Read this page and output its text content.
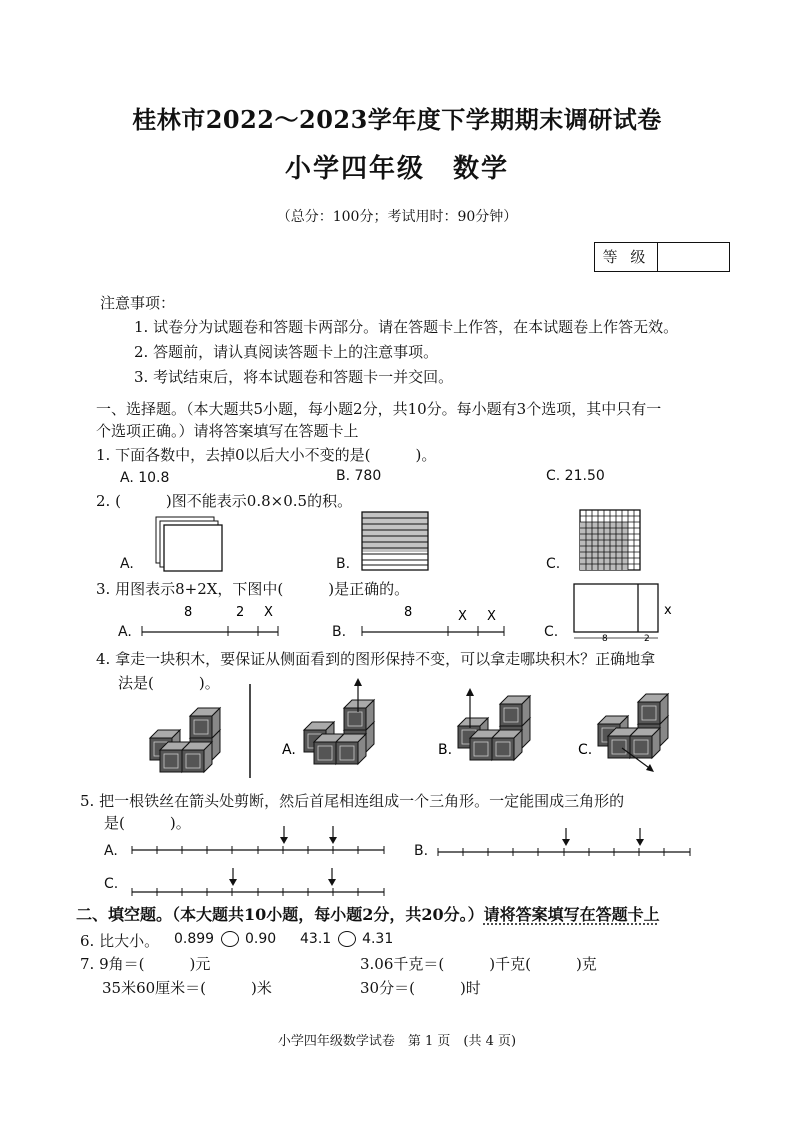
桂林市2022～2023学年度下学期期末调研试卷
小学四年级　数学
（总分：100分；考试用时：90分钟）
等 级
注意事项：
1. 试卷分为试题卷和答题卡两部分。请在答题卡上作答，在本试题卷上作答无效。
2. 答题前，请认真阅读答题卡上的注意事项。
3. 考试结束后，将本试题卷和答题卡一并交回。
一、选择题。（本大题共5小题，每小题2分，共10分。每小题有3个选项，其中只有一
个选项正确。）请将答案填写在答题卡上
1. 下面各数中，去掉0以后大小不变的是(　　　)。
A. 10.8	B. 780	C. 21.50
2. (　　　)图不能表示0.8×0.5的积。
A.	B.	C.
3. 用图表示8+2X，下图中(　　　)是正确的。
A.
8	2 X
B.
8	X X
C.
x
8	2
4. 拿走一块积木，要保证从侧面看到的图形保持不变，可以拿走哪块积木？正确地拿
法是(　　　)。
A.	B.	C.
5. 把一根铁丝在箭头处剪断，然后首尾相连组成一个三角形。一定能围成三角形的
是(　　　)。
A.	B.
C.
二、填空题。（本大题共10小题，每小题2分，共20分。）请将答案填写在答题卡上
6. 比大小。 0.899 0.90 43.1 4.31
7. 9角＝(　　　)元	3.06千克＝(　　　)千克(　　　)克
35米60厘米＝(　　　)米	30分＝(　　　)时
小学四年级数学试卷　第 1 页　(共 4 页)
